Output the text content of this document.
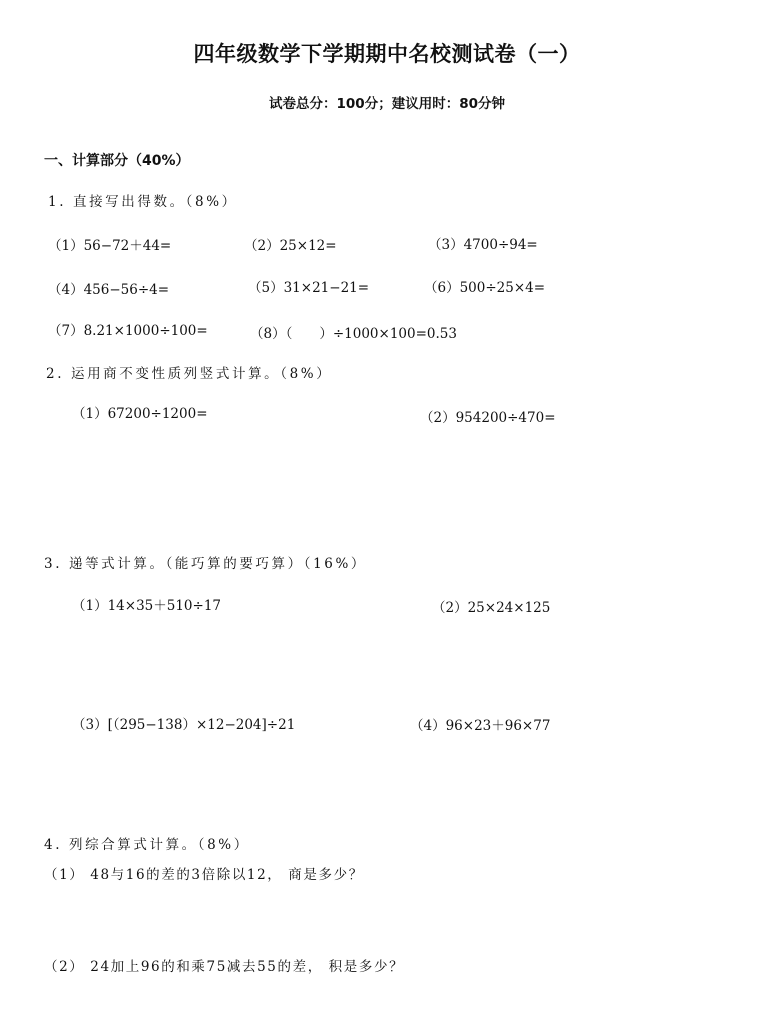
四年级数学下学期期中名校测试卷（一）
试卷总分：100分；建议用时：80分钟
一、计算部分（40%）
1. 直接写出得数。（8%）
（1）56−72＋44=	（2）25×12=	（3）4700÷94=
（4）456−56÷4=	（5）31×21−21=	（6）500÷25×4=
（7）8.21×1000÷100=	（8）（　　）÷1000×100=0.53
2. 运用商不变性质列竖式计算。（8%）
（1）67200÷1200=	（2）954200÷470=
3. 递等式计算。（能巧算的要巧算）（16%）
（1）14×35＋510÷17	（2）25×24×125
（3）[（295−138）×12−204]÷21	（4）96×23＋96×77
4. 列综合算式计算。（8%）
（1） 48与16的差的3倍除以12， 商是多少？
（2） 24加上96的和乘75减去55的差， 积是多少？
